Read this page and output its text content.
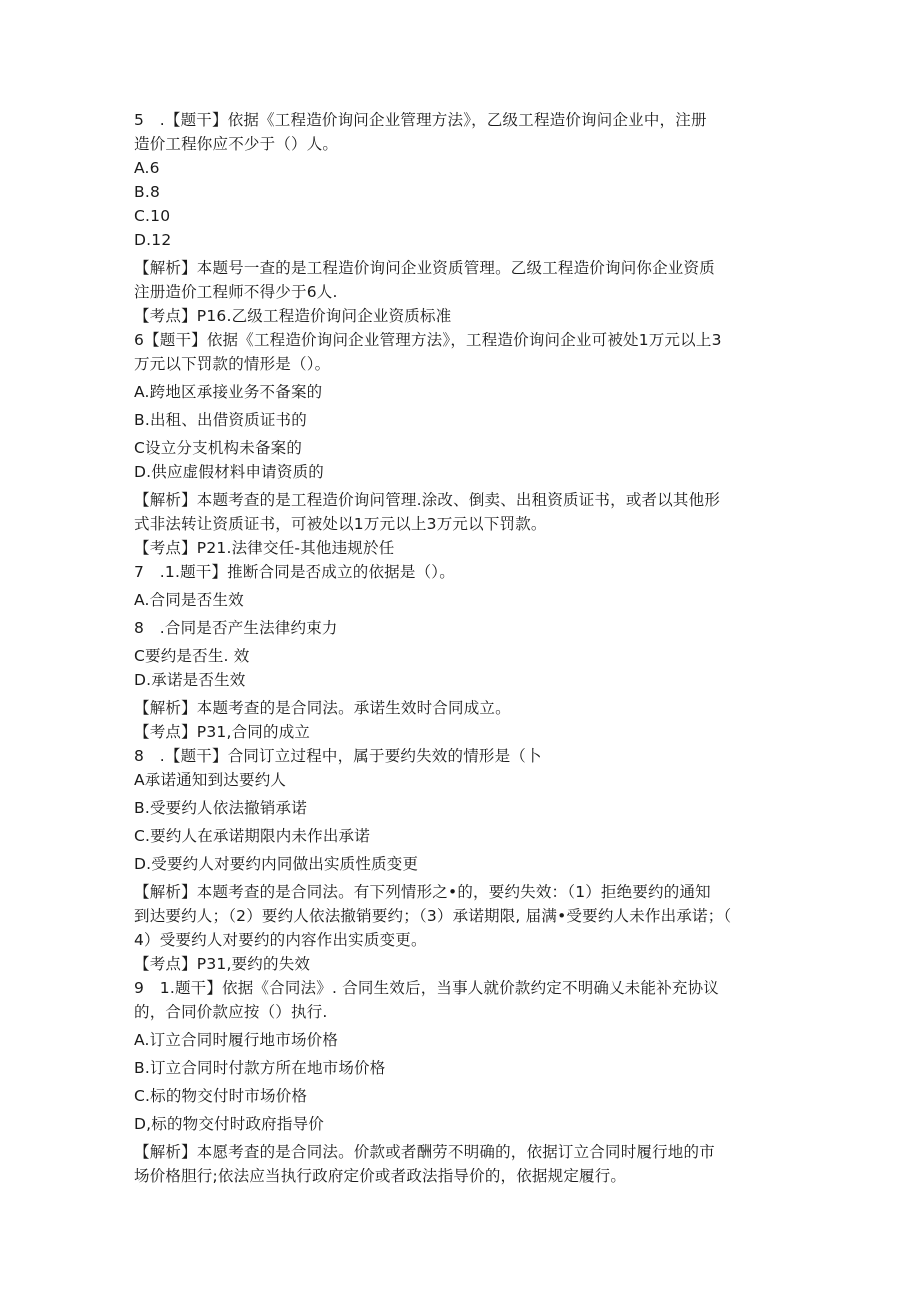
5　.【题干】依据《工程造价询问企业管理方法》，乙级工程造价询问企业中，注册
造价工程你应不少于（）人。
A.6
B.8
C.10
D.12
【解析】本题号一查的是工程造价询问企业资质管理。乙级工程造价询问你企业资质
注册造价工程师不得少于6人.
【考点】P16.乙级工程造价询问企业资质标准
6【题干】依据《工程造价询问企业管理方法》，工程造价询问企业可被处1万元以上3
万元以下罚款的情形是（）。
A.跨地区承接业务不备案的
B.出租、出借资质证书的
C设立分支机构未备案的
D.供应虚假材料申请资质的
【解析】本题考查的是工程造价询问管理.涂改、倒卖、出租资质证书，或者以其他形
式非法转让资质证书，可被处以1万元以上3万元以下罚款。
【考点】P21.法律交任-其他违规於任
7　.1.题干】推断合同是否成立的依据是（）。
A.合同是否生效
8　.合同是否产生法律约束力
C要约是否生. 效
D.承诺是否生效
【解析】本题考查的是合同法。承诺生效时合同成立。
【考点】P31,合同的成立
8　.【题干】合同订立过程中，属于要约失效的情形是（卜
A承诺通知到达要约人
B.受要约人依法撤销承诺
C.要约人在承诺期限内未作出承诺
D.受要约人对要约内同做出实质性质变更
【解析】本题考查的是合同法。有下列情形之•的，要约失效：（1）拒绝要约的通知
到达要约人；（2）要约人依法撤销要约；（3）承诺期限, 届满•受要约人未作出承诺；（
4）受要约人对要约的内容作出实质变更。
【考点】P31,要约的失效
9　1.题干】依据《合同法》. 合同生效后，当事人就价款约定不明确乂未能补充协议
的，合同价款应按（）执行.
A.订立合同时履行地市场价格
B.订立合同时付款方所在地市场价格
C.标的物交付时市场价格
D,标的物交付时政府指导价
【解析】本愿考査的是合同法。价款或者酬劳不明确的，依据订立合同时履行地的市
场价格胆行;依法应当执行政府定价或者政法指导价的，依据规定履行。
